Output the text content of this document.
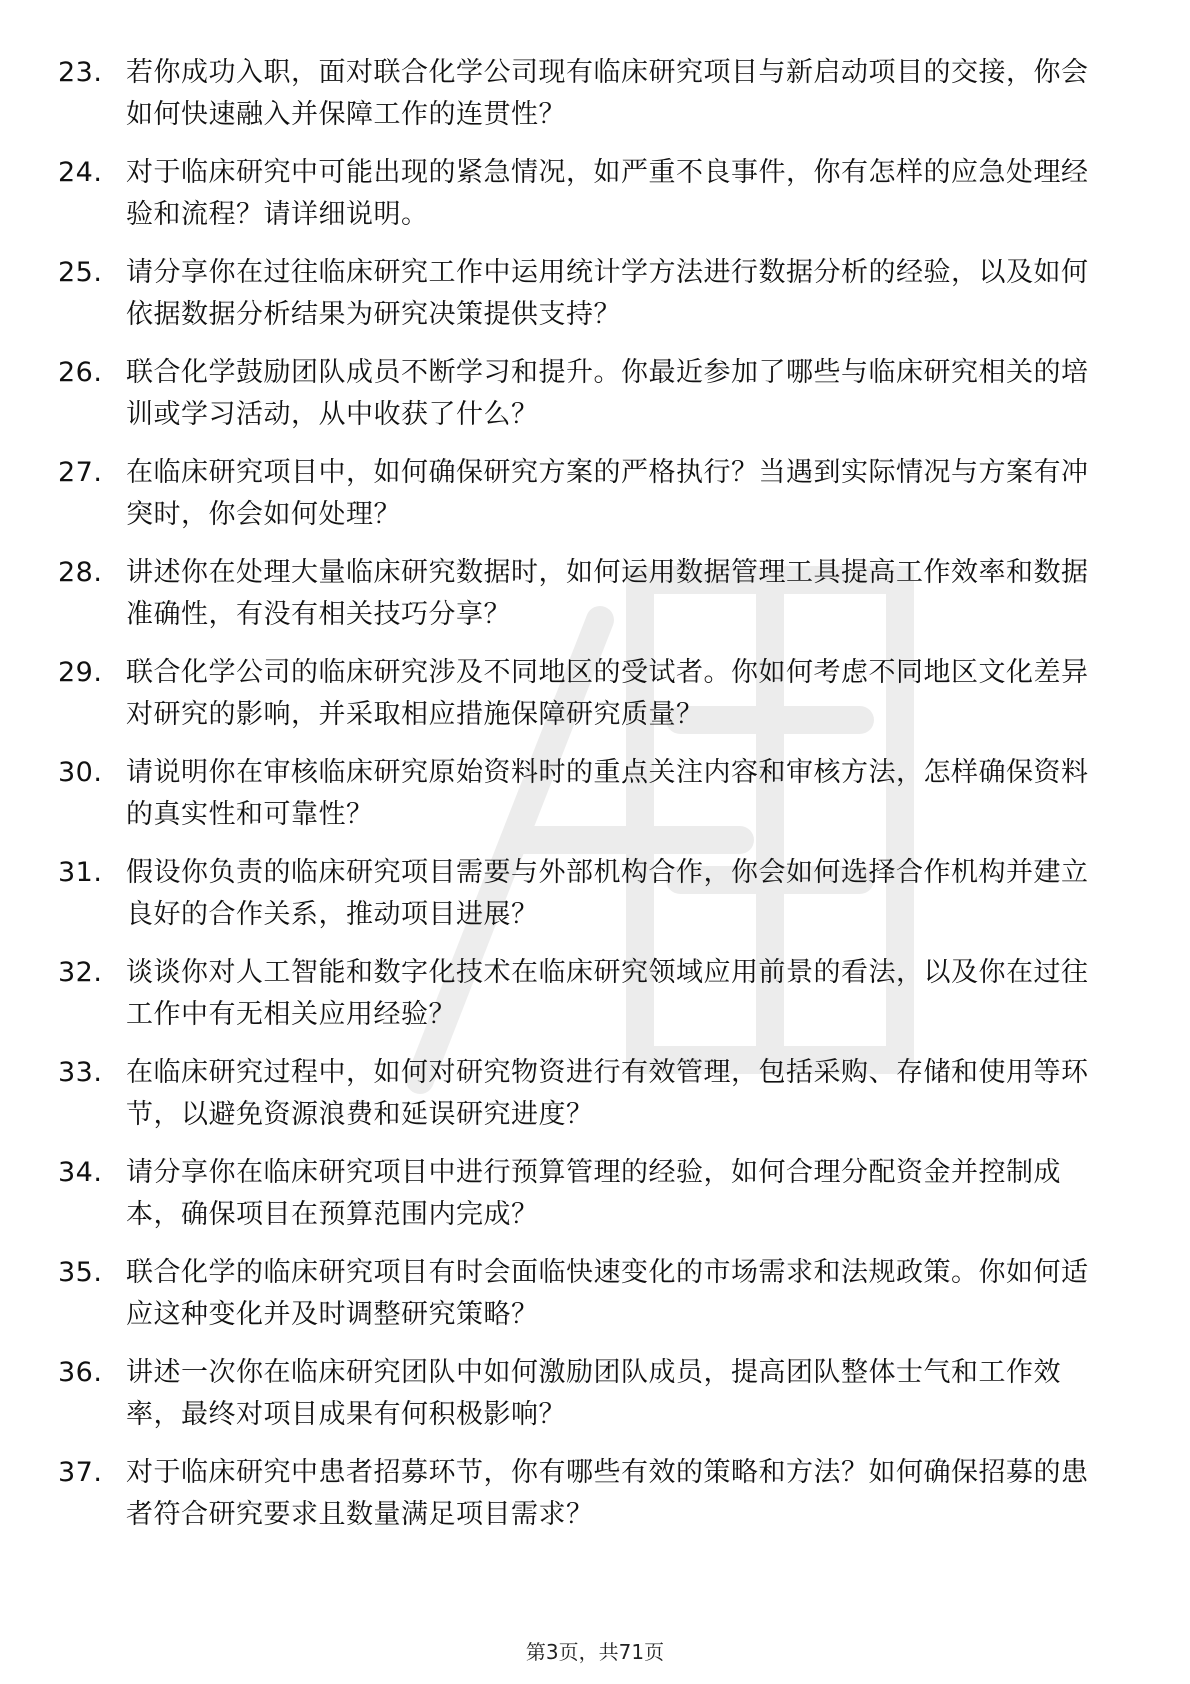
23. 若你成功入职，面对联合化学公司现有临床研究项目与新启动项目的交接，你会如何快速融入并保障工作的连贯性？
24. 对于临床研究中可能出现的紧急情况，如严重不良事件，你有怎样的应急处理经验和流程？请详细说明。
25. 请分享你在过往临床研究工作中运用统计学方法进行数据分析的经验，以及如何依据数据分析结果为研究决策提供支持？
26. 联合化学鼓励团队成员不断学习和提升。你最近参加了哪些与临床研究相关的培训或学习活动，从中收获了什么？
27. 在临床研究项目中，如何确保研究方案的严格执行？当遇到实际情况与方案有冲突时，你会如何处理？
28. 讲述你在处理大量临床研究数据时，如何运用数据管理工具提高工作效率和数据准确性，有没有相关技巧分享？
29. 联合化学公司的临床研究涉及不同地区的受试者。你如何考虑不同地区文化差异对研究的影响，并采取相应措施保障研究质量？
30. 请说明你在审核临床研究原始资料时的重点关注内容和审核方法，怎样确保资料的真实性和可靠性？
31. 假设你负责的临床研究项目需要与外部机构合作，你会如何选择合作机构并建立良好的合作关系，推动项目进展？
32. 谈谈你对人工智能和数字化技术在临床研究领域应用前景的看法，以及你在过往工作中有无相关应用经验？
33. 在临床研究过程中，如何对研究物资进行有效管理，包括采购、存储和使用等环节，以避免资源浪费和延误研究进度？
34. 请分享你在临床研究项目中进行预算管理的经验，如何合理分配资金并控制成本，确保项目在预算范围内完成？
35. 联合化学的临床研究项目有时会面临快速变化的市场需求和法规政策。你如何适应这种变化并及时调整研究策略？
36. 讲述一次你在临床研究团队中如何激励团队成员，提高团队整体士气和工作效率，最终对项目成果有何积极影响？
37. 对于临床研究中患者招募环节，你有哪些有效的策略和方法？如何确保招募的患者符合研究要求且数量满足项目需求？
第3页，共71页
